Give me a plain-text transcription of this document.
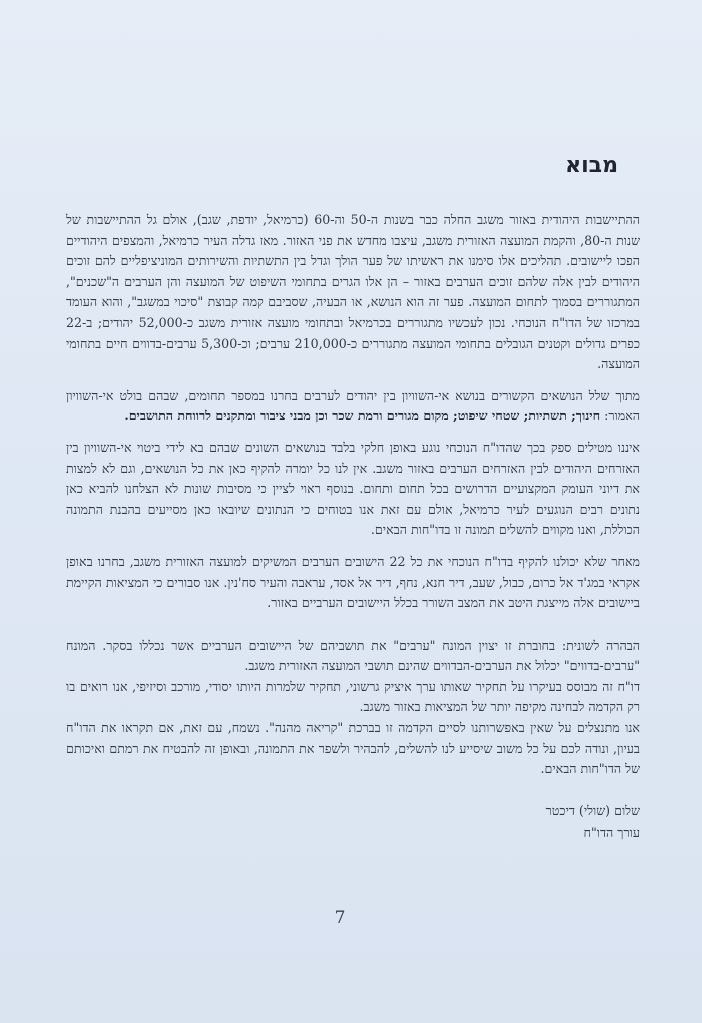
מבוא

ההתיישבות היהודית באזור משגב החלה כבר בשנות ה-50 וה-60 (כרמיאל, יודפת, שגב), אולם גל ההתיישבות של שנות ה-80, והקמת המועצה האזורית משגב, עיצבו מחדש את פני האזור. מאז גדלה העיר כרמיאל, והמצפים היהודיים הפכו ליישובים. תהליכים אלו סימנו את ראשיתו של פער הולך וגדל בין התשתיות והשירותים המוניציפליים להם זוכים היהודים לבין אלה שלהם זוכים הערבים באזור – הן אלו הגרים בתחומי השיפוט של המועצה והן הערבים ה"שכנים", המתגוררים בסמוך לתחום המועצה. פער זה הוא הנושא, או הבעיה, שסביבם קמה קבוצת "סיכוי במשגב", והוא העומד במרכזו של הדו"ח הנוכחי. נכון לעכשיו מתגוררים בכרמיאל ובתחומי מועצה אזורית משגב כ-52,000 יהודים; ב-22 כפרים גדולים וקטנים הגובלים בתחומי המועצה מתגוררים כ-210,000 ערבים; וכ-5,300 ערבים-בדווים חיים בתחומי המועצה.

מתוך שלל הנושאים הקשורים בנושא אי-השוויון בין יהודים לערבים בחרנו במספר תחומים, שבהם בולט אי-השוויון האמור: חינוך; תשתיות; שטחי שיפוט; מקום מגורים ורמת שכר וכן מבני ציבור ומתקנים לרווחת התושבים.

איננו מטילים ספק בכך שהדו"ח הנוכחי נוגע באופן חלקי בלבד בנושאים השונים שבהם בא לידי ביטוי אי-השוויון בין האזרחים היהודים לבין האזרחים הערבים באזור משגב. אין לנו כל יומרה להקיף כאן את כל הנושאים, וגם לא למצות את דיוני העומק המקצועיים הדרושים בכל תחום ותחום. בנוסף ראוי לציין כי מסיבות שונות לא הצלחנו להביא כאן נתונים רבים הנוגעים לעיר כרמיאל, אולם עם זאת אנו בטוחים כי הנתונים שיובאו כאן מסייעים בהבנת התמונה הכוללת, ואנו מקווים להשלים תמונה זו בדו"חות הבאים.

מאחר שלא יכולנו להקיף בדו"ח הנוכחי את כל 22 הישובים הערבים המשיקים למועצה האזורית משגב, בחרנו באופן אקראי במג'ד אל כרום, כבול, שעב, דיר חנא, נחף, דיר אל אסד, עראבה והעיר סח'נין. אנו סבורים כי המציאות הקיימת ביישובים אלה מייצגת היטב את המצב השורר בכלל היישובים הערביים באזור.

הבהרה לשונית: בחוברת זו יצוין המונח "ערבים" את תושביהם של היישובים הערביים אשר נכללו בסקר. המונח "ערבים-בדווים" יכלול את הערבים-הבדווים שהינם תושבי המועצה האזורית משגב.

דו"ח זה מבוסס בעיקרו על תחקיר שאותו ערך איציק גרשוני, תחקיר שלמרות היותו יסודי, מורכב וסיזיפי, אנו רואים בו רק הקדמה לבחינה מקיפה יותר של המציאות באזור משגב.

אנו מתנצלים על שאין באפשרותנו לסיים הקדמה זו בברכת "קריאה מהנה". נשמח, עם זאת, אם תקראו את הדו"ח בעיון, ונודה לכם על כל משוב שיסייע לנו להשלים, להבהיר ולשפר את התמונה, ובאופן זה להבטיח את רמתם ואיכותם של הדו"חות הבאים.

שלום (שולי) דיכטר
עורך הדו"ח
7
